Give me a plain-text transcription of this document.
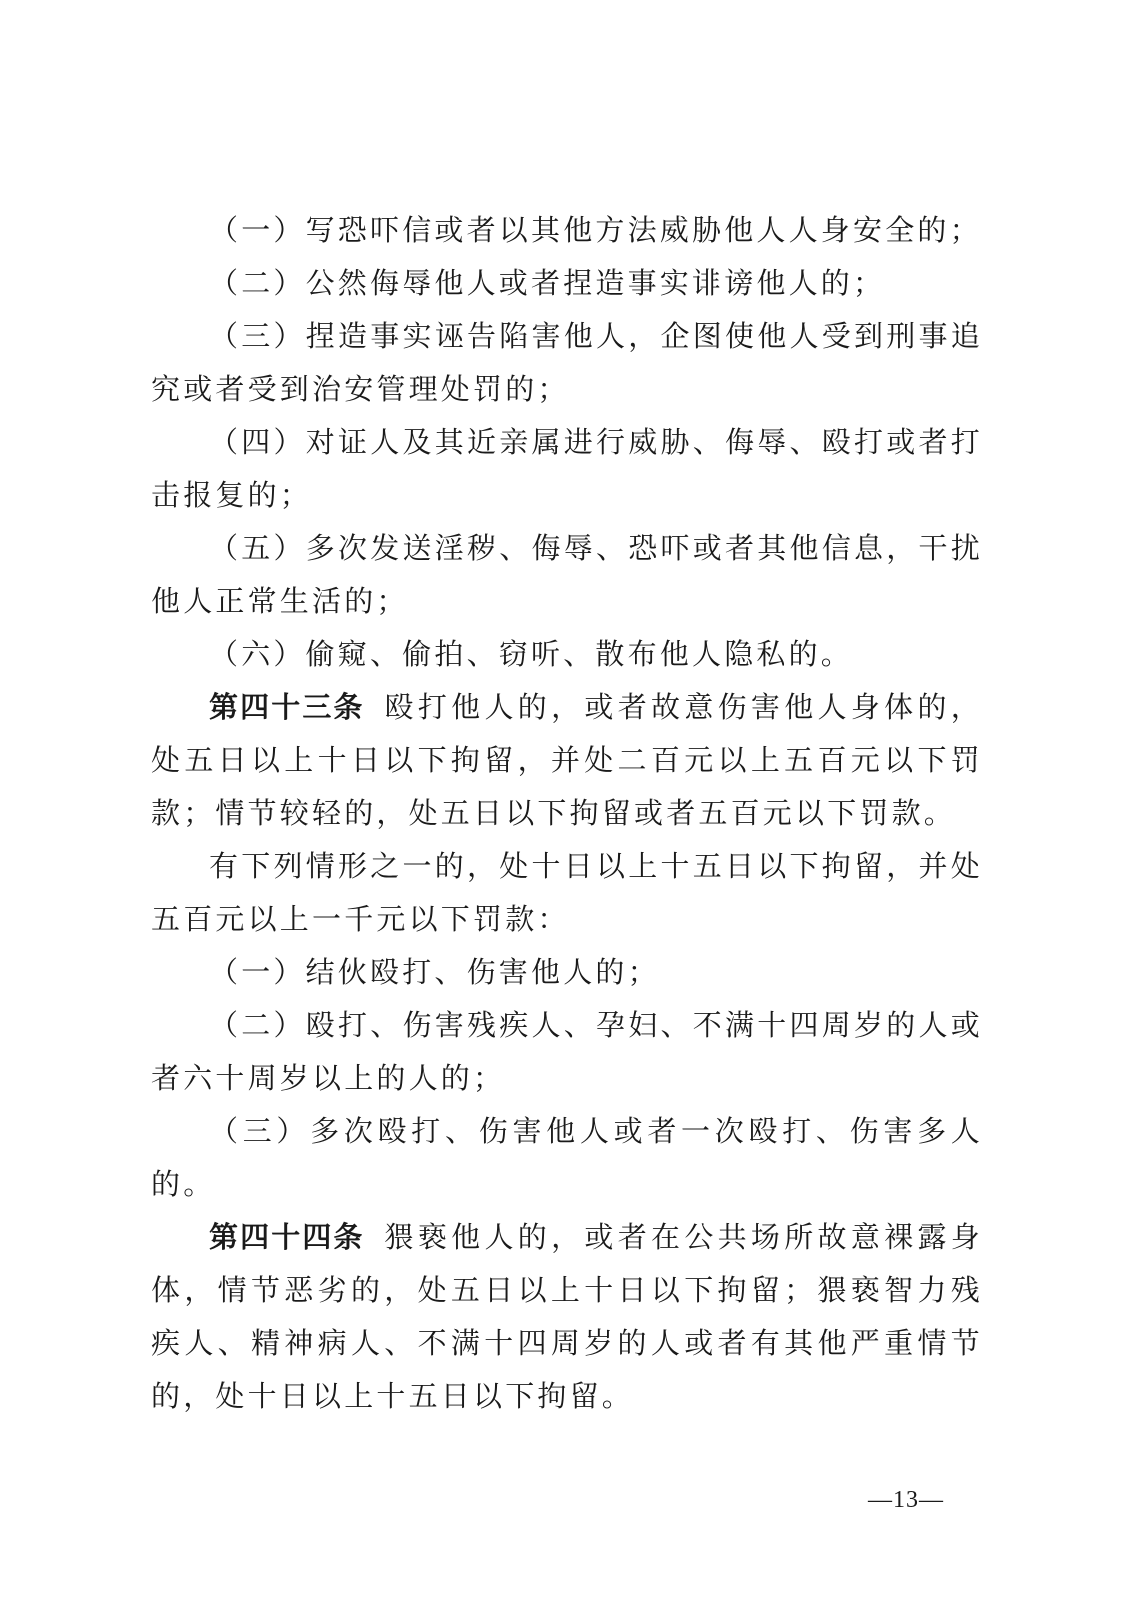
（一）写恐吓信或者以其他方法威胁他人人身安全的；

（二）公然侮辱他人或者捏造事实诽谤他人的；

（三）捏造事实诬告陷害他人，企图使他人受到刑事追究或者受到治安管理处罚的；

（四）对证人及其近亲属进行威胁、侮辱、殴打或者打击报复的；

（五）多次发送淫秽、侮辱、恐吓或者其他信息，干扰他人正常生活的；

（六）偷窥、偷拍、窃听、散布他人隐私的。

第四十三条 殴打他人的，或者故意伤害他人身体的，处五日以上十日以下拘留，并处二百元以上五百元以下罚款；情节较轻的，处五日以下拘留或者五百元以下罚款。

有下列情形之一的，处十日以上十五日以下拘留，并处五百元以上一千元以下罚款：

（一）结伙殴打、伤害他人的；

（二）殴打、伤害残疾人、孕妇、不满十四周岁的人或者六十周岁以上的人的；

（三）多次殴打、伤害他人或者一次殴打、伤害多人的。

第四十四条 猥亵他人的，或者在公共场所故意裸露身体，情节恶劣的，处五日以上十日以下拘留；猥亵智力残疾人、精神病人、不满十四周岁的人或者有其他严重情节的，处十日以上十五日以下拘留。

—13—
